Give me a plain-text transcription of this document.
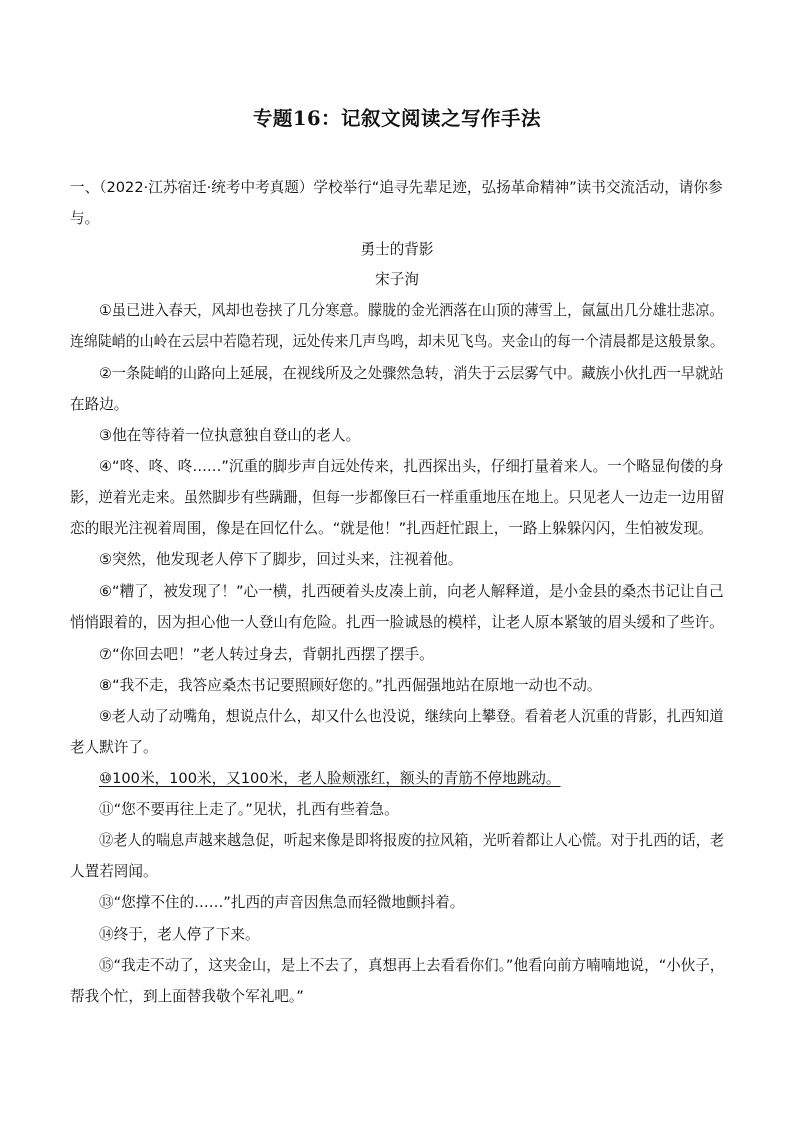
专题16：记叙文阅读之写作手法
一、（2022·江苏宿迁·统考中考真题）学校举行“追寻先辈足迹，弘扬革命精神”读书交流活动，请你参
与。
勇士的背影
宋子洵
①虽已进入春天，风却也卷挟了几分寒意。朦胧的金光洒落在山顶的薄雪上，氤氲出几分雄壮悲凉。
连绵陡峭的山岭在云层中若隐若现，远处传来几声鸟鸣，却未见飞鸟。夹金山的每一个清晨都是这般景象。
②一条陡峭的山路向上延展，在视线所及之处骤然急转，消失于云层雾气中。藏族小伙扎西一早就站
在路边。
③他在等待着一位执意独自登山的老人。
④“咚、咚、咚……”沉重的脚步声自远处传来，扎西探出头，仔细打量着来人。一个略显佝偻的身
影，逆着光走来。虽然脚步有些蹒跚，但每一步都像巨石一样重重地压在地上。只见老人一边走一边用留
恋的眼光注视着周围，像是在回忆什么。“就是他！”扎西赶忙跟上，一路上躲躲闪闪，生怕被发现。
⑤突然，他发现老人停下了脚步，回过头来，注视着他。
⑥“糟了，被发现了！”心一横，扎西硬着头皮凑上前，向老人解释道，是小金县的桑杰书记让自己
悄悄跟着的，因为担心他一人登山有危险。扎西一脸诚恳的模样，让老人原本紧皱的眉头缓和了些许。
⑦“你回去吧！”老人转过身去，背朝扎西摆了摆手。
⑧“我不走，我答应桑杰书记要照顾好您的。”扎西倔强地站在原地一动也不动。
⑨老人动了动嘴角，想说点什么，却又什么也没说，继续向上攀登。看着老人沉重的背影，扎西知道
老人默许了。
⑩100米，100米，又100米，老人脸颊涨红，额头的青筋不停地跳动。
⑪“您不要再往上走了。”见状，扎西有些着急。
⑫老人的喘息声越来越急促，听起来像是即将报废的拉风箱，光听着都让人心慌。对于扎西的话，老
人置若罔闻。
⑬“您撑不住的……”扎西的声音因焦急而轻微地颤抖着。
⑭终于，老人停了下来。
⑮“我走不动了，这夹金山，是上不去了，真想再上去看看你们。”他看向前方喃喃地说，“小伙子，
帮我个忙，到上面替我敬个军礼吧。”
